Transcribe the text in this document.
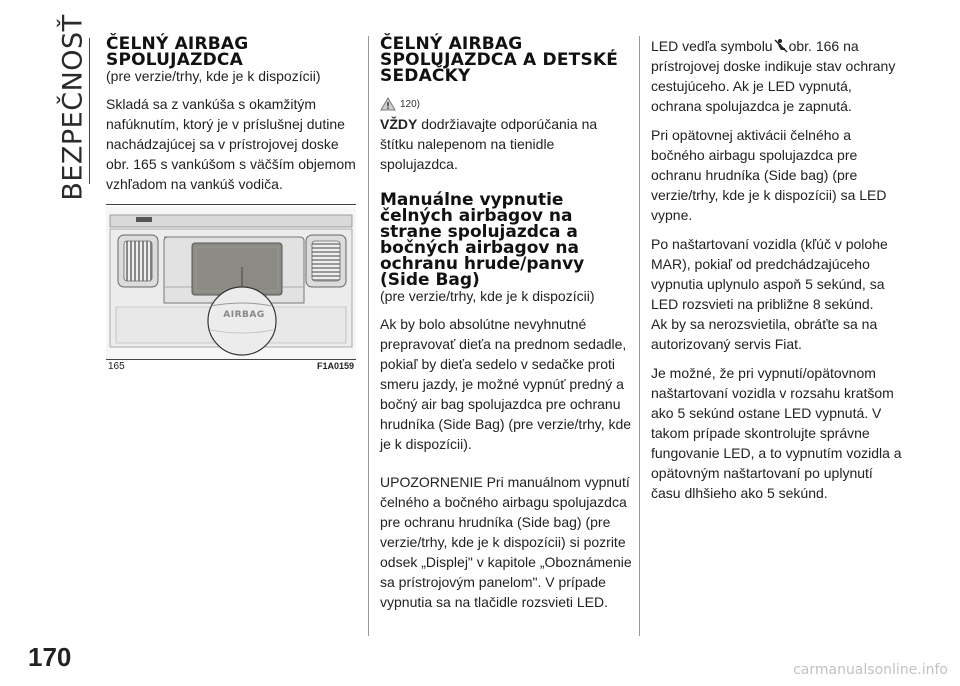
BEZPEČNOSŤ ČELNÝ AIRBAG SPOLUJAZDCA

(pre verzie/trhy, kde je k dispozícii)

Skladá sa z vankúša s okamžitým nafúknutím, ktorý je v príslušnej dutine nachádzajúcej sa v prístrojovej doske obr. 165 s vankúšom s väčším objemom vzhľadom na vankúš vodiča.

AIRBAG
165	F1A0159
ČELNÝ AIRBAG SPOLUJAZDCA A DETSKÉ SEDAČKY
120)

VŽDY dodržiavajte odporúčania na štítku nalepenom na tienidle spolujazdca.

Manuálne vypnutie čelných airbagov na strane spolujazdca a bočných airbagov na ochranu hrude/panvy (Side Bag)

(pre verzie/trhy, kde je k dispozícii)

Ak by bolo absolútne nevyhnutné prepravovať dieťa na prednom sedadle, pokiaľ by dieťa sedelo v sedačke proti smeru jazdy, je možné vypnúť predný a bočný air bag spolujazdca pre ochranu hrudníka (Side Bag) (pre verzie/trhy, kde je k dispozícii).

UPOZORNENIE Pri manuálnom vypnutí čelného a bočného airbagu spolujazdca pre ochranu hrudníka (Side bag) (pre verzie/trhy, kde je k dispozícii) si pozrite odsek „Displej" v kapitole „Oboznámenie sa prístrojovým panelom". V prípade vypnutia sa na tlačidle rozsvieti LED.

LED vedľa symbolu obr. 166 na prístrojovej doske indikuje stav ochrany cestujúceho. Ak je LED vypnutá, ochrana spolujazdca je zapnutá.

Pri opätovnej aktivácii čelného a bočného airbagu spolujazdca pre ochranu hrudníka (Side bag) (pre verzie/trhy, kde je k dispozícii) sa LED vypne.

Po naštartovaní vozidla (kľúč v polohe MAR), pokiaľ od predchádzajúceho vypnutia uplynulo aspoň 5 sekúnd, sa LED rozsvieti na približne 8 sekúnd.

Ak by sa nerozsvietila, obráťte sa na autorizovaný servis Fiat.

Je možné, že pri vypnutí/opätovnom naštartovaní vozidla v rozsahu kratšom ako 5 sekúnd ostane LED vypnutá. V takom prípade skontrolujte správne fungovanie LED, a to vypnutím vozidla a opätovným naštartovaní po uplynutí času dlhšieho ako 5 sekúnd.

170	carmanualsonline.info
